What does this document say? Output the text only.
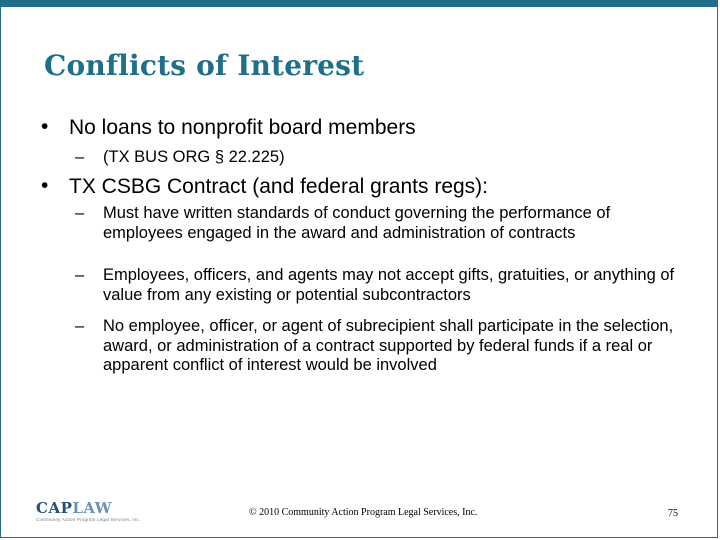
Conflicts of Interest
• No loans to nonprofit board members
– (TX BUS ORG § 22.225)
• TX CSBG Contract (and federal grants regs):
– Must have written standards of conduct governing the performance of employees engaged in the award and administration of contracts
– Employees, officers, and agents may not accept gifts, gratuities, or anything of value from any existing or potential subcontractors
– No employee, officer, or agent of subrecipient shall participate in the selection, award, or administration of a contract supported by federal funds if a real or apparent conflict of interest would be involved
CAPLAW
Community Action Program Legal Services, Inc.
© 2010 Community Action Program Legal Services, Inc.	75
